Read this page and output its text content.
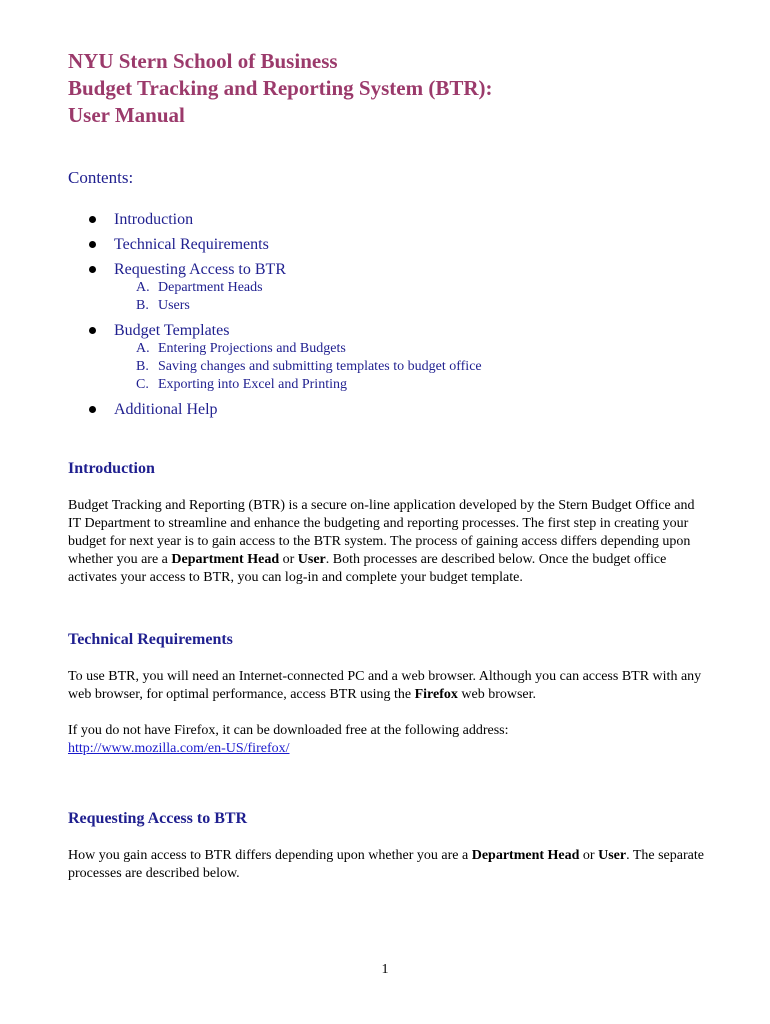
NYU Stern School of Business
Budget Tracking and Reporting System (BTR):
User Manual
Contents:
Introduction
Technical Requirements
Requesting Access to BTR
A. Department Heads
B. Users
Budget Templates
A. Entering Projections and Budgets
B. Saving changes and submitting templates to budget office
C. Exporting into Excel and Printing
Additional Help
Introduction

Budget Tracking and Reporting (BTR) is a secure on-line application developed by the Stern Budget Office and IT Department to streamline and enhance the budgeting and reporting processes. The first step in creating your budget for next year is to gain access to the BTR system. The process of gaining access differs depending upon whether you are a Department Head or User. Both processes are described below. Once the budget office activates your access to BTR, you can log-in and complete your budget template.

Technical Requirements

To use BTR, you will need an Internet-connected PC and a web browser. Although you can access BTR with any web browser, for optimal performance, access BTR using the Firefox web browser.

If you do not have Firefox, it can be downloaded free at the following address:
http://www.mozilla.com/en-US/firefox/

Requesting Access to BTR

How you gain access to BTR differs depending upon whether you are a Department Head or User. The separate processes are described below.

1
